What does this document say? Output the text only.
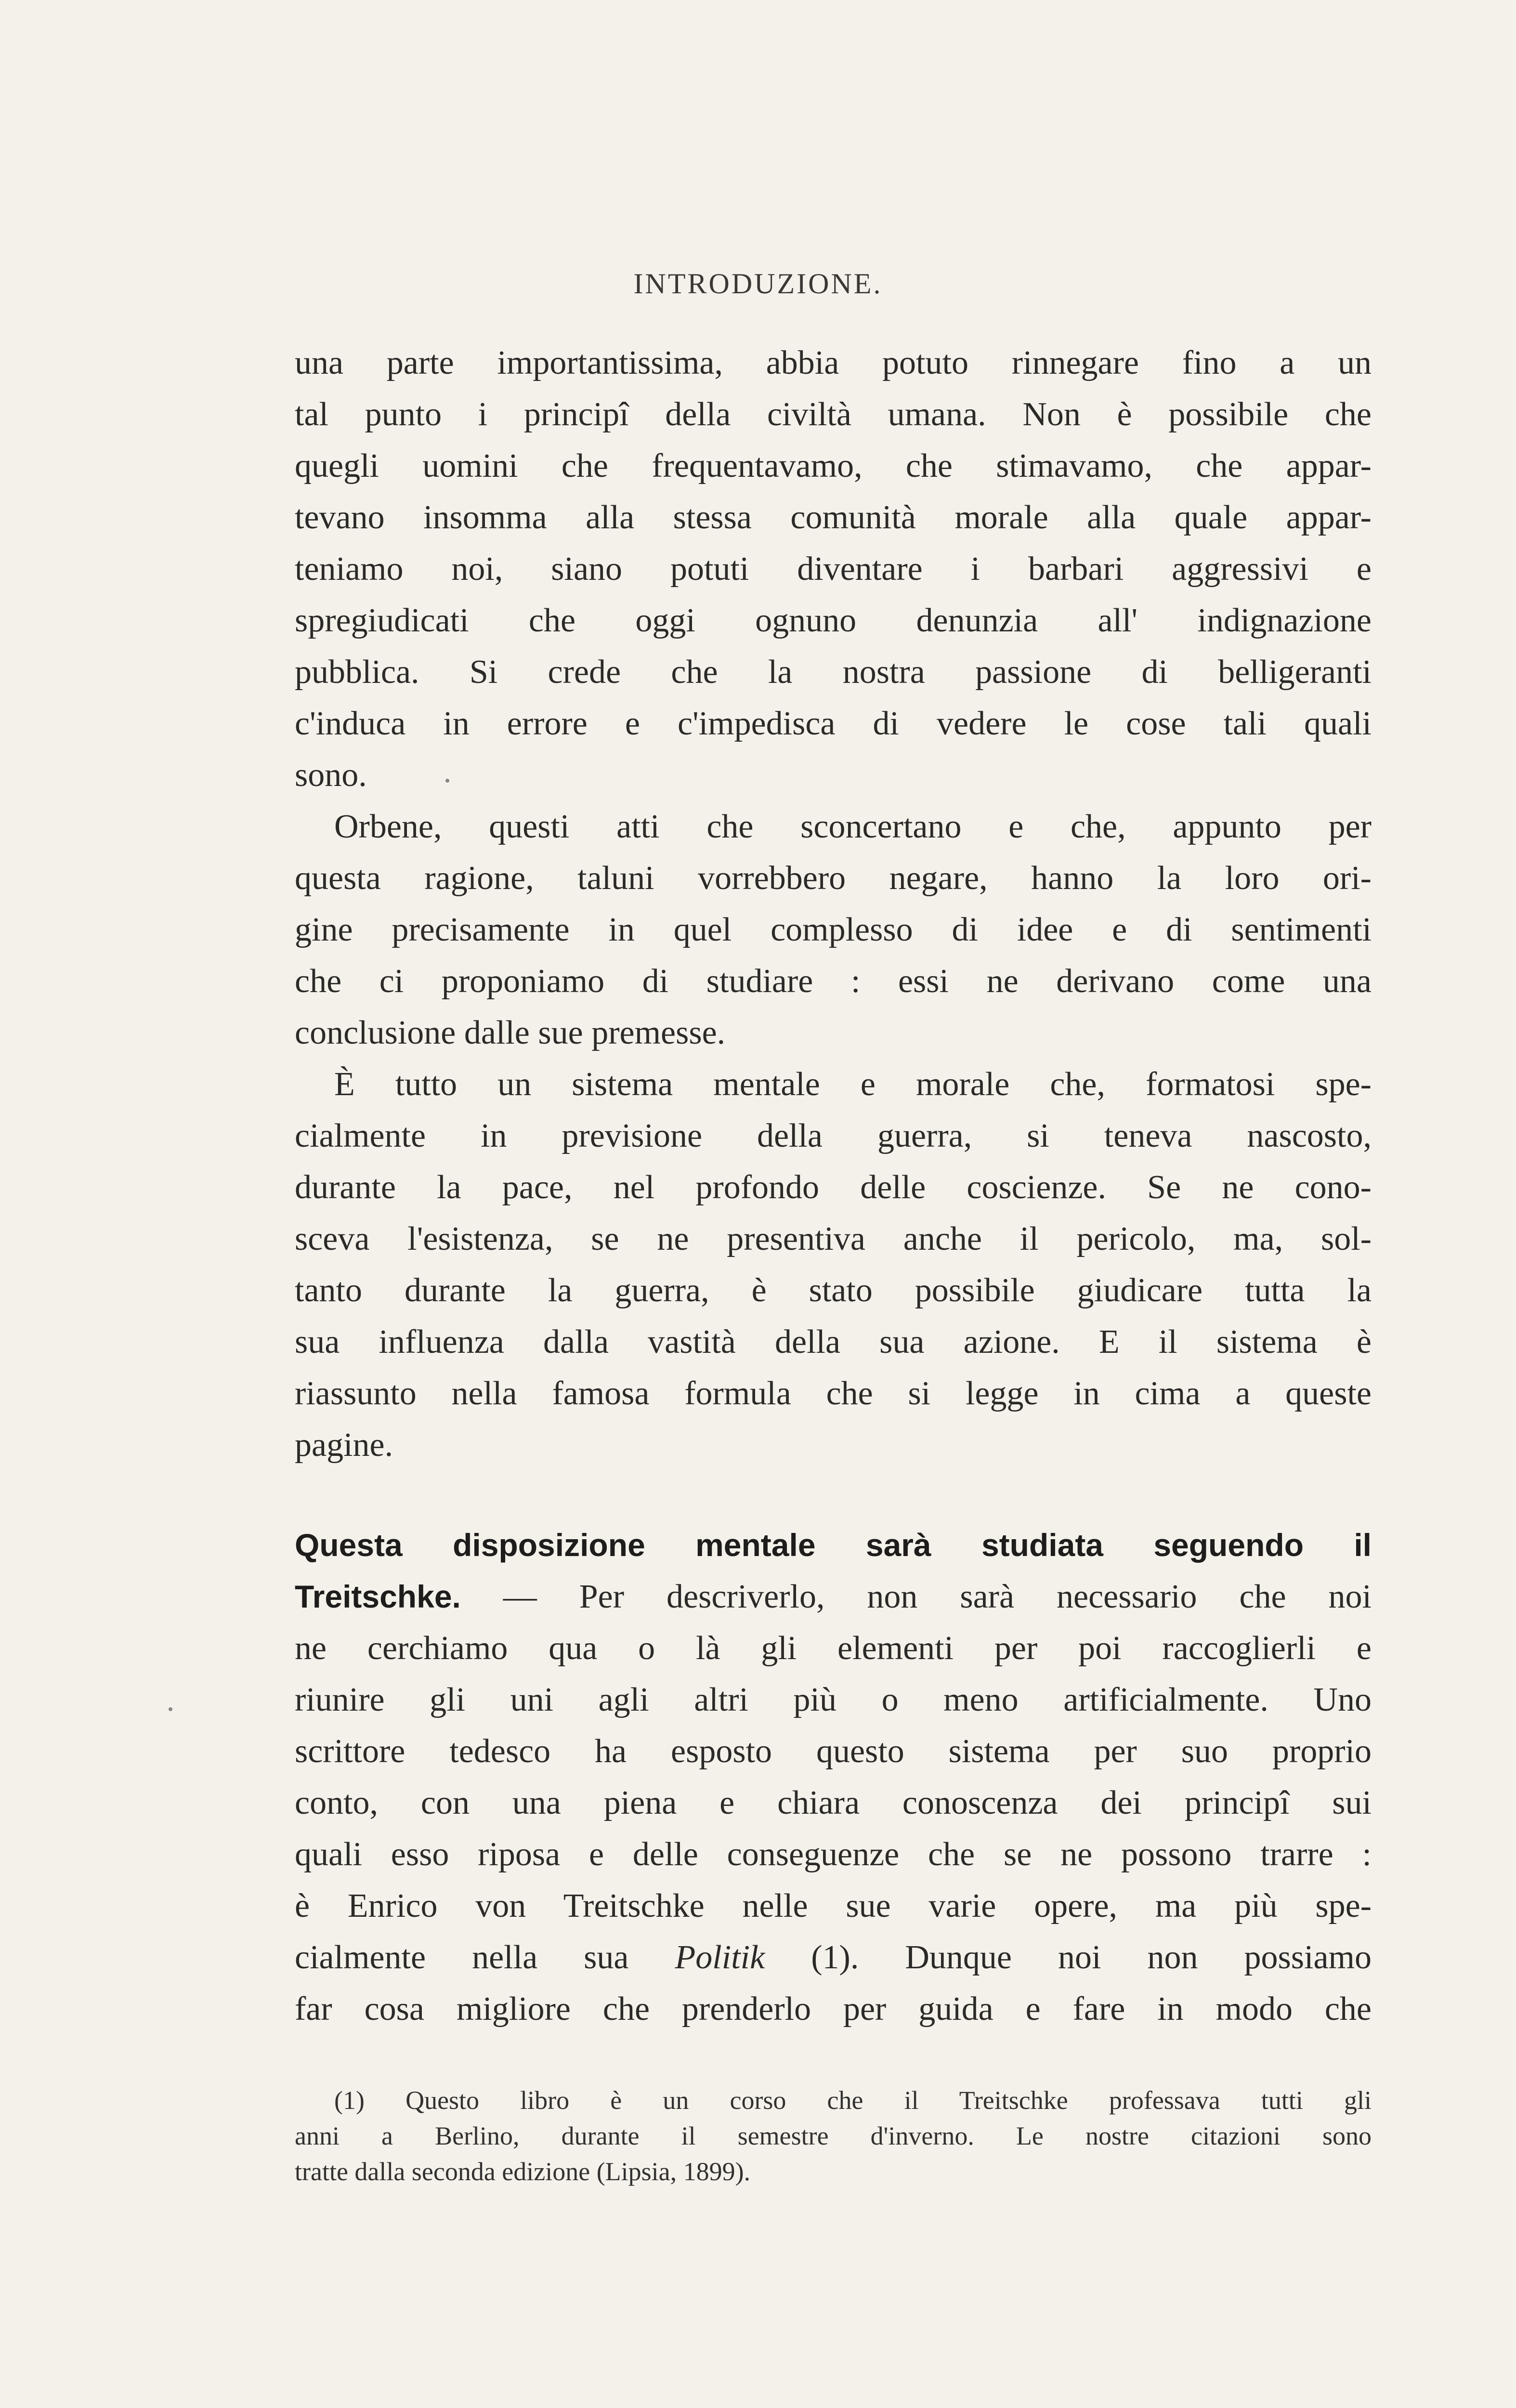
INTRODUZIONE.
una parte importantissima, abbia potuto rinnegare fino a un
tal punto i principî della civiltà umana. Non è possibile che
quegli uomini che frequentavamo, che stimavamo, che appar-
tevano insomma alla stessa comunità morale alla quale appar-
teniamo noi, siano potuti diventare i barbari aggressivi e
spregiudicati che oggi ognuno denunzia all' indignazione
pubblica. Si crede che la nostra passione di belligeranti
c'induca in errore e c'impedisca di vedere le cose tali quali
sono.
Orbene, questi atti che sconcertano e che, appunto per
questa ragione, taluni vorrebbero negare, hanno la loro ori-
gine precisamente in quel complesso di idee e di sentimenti
che ci proponiamo di studiare : essi ne derivano come una
conclusione dalle sue premesse.
È tutto un sistema mentale e morale che, formatosi spe-
cialmente in previsione della guerra, si teneva nascosto,
durante la pace, nel profondo delle coscienze. Se ne cono-
sceva l'esistenza, se ne presentiva anche il pericolo, ma, sol-
tanto durante la guerra, è stato possibile giudicare tutta la
sua influenza dalla vastità della sua azione. E il sistema è
riassunto nella famosa formula che si legge in cima a queste
pagine.
Questa disposizione mentale sarà studiata seguendo il
Treitschke. — Per descriverlo, non sarà necessario che noi
ne cerchiamo qua o là gli elementi per poi raccoglierli e
riunire gli uni agli altri più o meno artificialmente. Uno
scrittore tedesco ha esposto questo sistema per suo proprio
conto, con una piena e chiara conoscenza dei principî sui
quali esso riposa e delle conseguenze che se ne possono trarre :
è Enrico von Treitschke nelle sue varie opere, ma più spe-
cialmente nella sua Politik (1). Dunque noi non possiamo
far cosa migliore che prenderlo per guida e fare in modo che
(1) Questo libro è un corso che il Treitschke professava tutti gli
anni a Berlino, durante il semestre d'inverno. Le nostre citazioni sono
tratte dalla seconda edizione (Lipsia, 1899).
